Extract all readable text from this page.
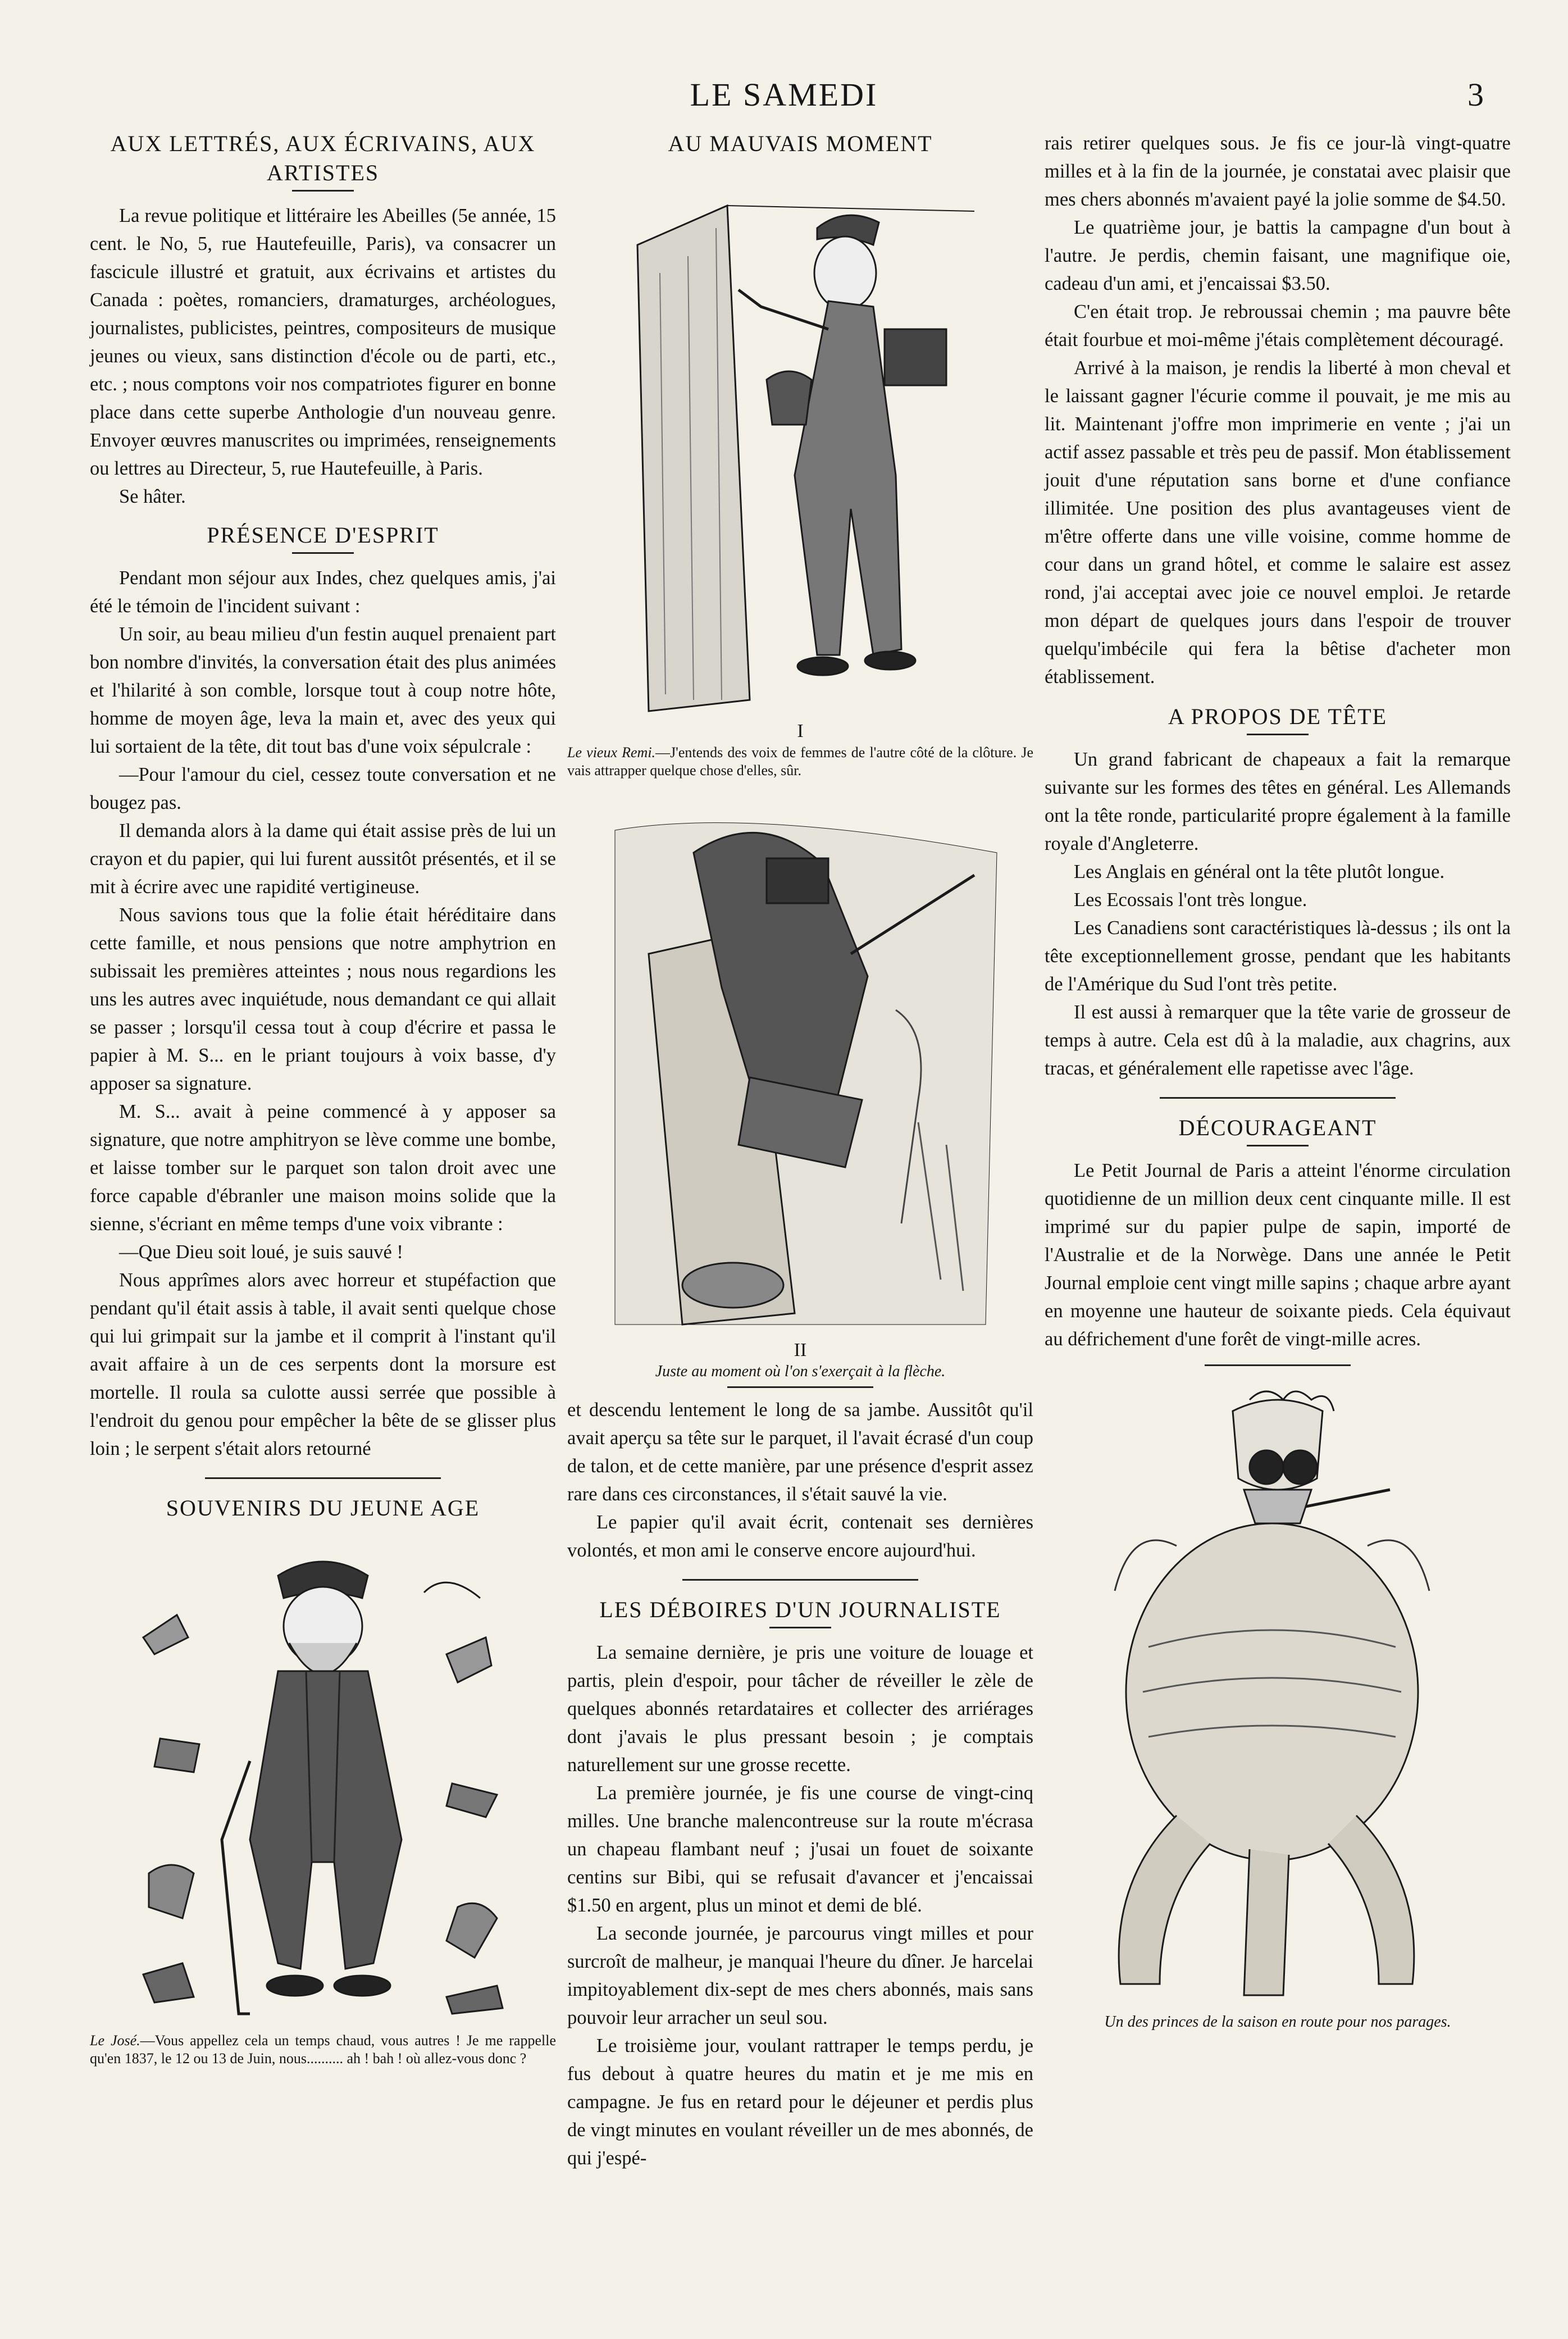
LE SAMEDI	3
AUX LETTRÉS, AUX ÉCRIVAINS, AUX ARTISTES

La revue politique et littéraire les Abeilles (5e année, 15 cent. le No, 5, rue Hautefeuille, Paris), va consacrer un fascicule illustré et gratuit, aux écrivains et artistes du Canada : poètes, romanciers, dramaturges, archéologues, journalistes, publicistes, peintres, compositeurs de musique jeunes ou vieux, sans distinction d'école ou de parti, etc., etc. ; nous comptons voir nos compatriotes figurer en bonne place dans cette superbe Anthologie d'un nouveau genre. Envoyer œuvres manuscrites ou imprimées, renseignements ou lettres au Directeur, 5, rue Hautefeuille, à Paris.

Se hâter.

PRÉSENCE D'ESPRIT

Pendant mon séjour aux Indes, chez quelques amis, j'ai été le témoin de l'incident suivant :

Un soir, au beau milieu d'un festin auquel prenaient part bon nombre d'invités, la conversation était des plus animées et l'hilarité à son comble, lorsque tout à coup notre hôte, homme de moyen âge, leva la main et, avec des yeux qui lui sortaient de la tête, dit tout bas d'une voix sépulcrale :

—Pour l'amour du ciel, cessez toute conversation et ne bougez pas.

Il demanda alors à la dame qui était assise près de lui un crayon et du papier, qui lui furent aussitôt présentés, et il se mit à écrire avec une rapidité vertigineuse.

Nous savions tous que la folie était héréditaire dans cette famille, et nous pensions que notre amphytrion en subissait les premières atteintes ; nous nous regardions les uns les autres avec inquiétude, nous demandant ce qui allait se passer ; lorsqu'il cessa tout à coup d'écrire et passa le papier à M. S... en le priant toujours à voix basse, d'y apposer sa signature.

M. S... avait à peine commencé à y apposer sa signature, que notre amphitryon se lève comme une bombe, et laisse tomber sur le parquet son talon droit avec une force capable d'ébranler une maison moins solide que la sienne, s'écriant en même temps d'une voix vibrante :

—Que Dieu soit loué, je suis sauvé !

Nous apprîmes alors avec horreur et stupéfaction que pendant qu'il était assis à table, il avait senti quelque chose qui lui grimpait sur la jambe et il comprit à l'instant qu'il avait affaire à un de ces serpents dont la morsure est mortelle. Il roula sa culotte aussi serrée que possible à l'endroit du genou pour empêcher la bête de se glisser plus loin ; le serpent s'était alors retourné

SOUVENIRS DU JEUNE AGE
Le José.—Vous appellez cela un temps chaud, vous autres ! Je me rappelle qu'en 1837, le 12 ou 13 de Juin, nous.......... ah ! bah ! où allez-vous donc ?
AU MAUVAIS MOMENT
I
Le vieux Remi.—J'entends des voix de femmes de l'autre côté de la clôture. Je vais attrapper quelque chose d'elles, sûr.
II
Juste au moment où l'on s'exerçait à la flèche.

et descendu lentement le long de sa jambe. Aussitôt qu'il avait aperçu sa tête sur le parquet, il l'avait écrasé d'un coup de talon, et de cette manière, par une présence d'esprit assez rare dans ces circonstances, il s'était sauvé la vie.

Le papier qu'il avait écrit, contenait ses dernières volontés, et mon ami le conserve encore aujourd'hui.

LES DÉBOIRES D'UN JOURNALISTE

La semaine dernière, je pris une voiture de louage et partis, plein d'espoir, pour tâcher de réveiller le zèle de quelques abonnés retardataires et collecter des arriérages dont j'avais le plus pressant besoin ; je comptais naturellement sur une grosse recette.

La première journée, je fis une course de vingt-cinq milles. Une branche malencontreuse sur la route m'écrasa un chapeau flambant neuf ; j'usai un fouet de soixante centins sur Bibi, qui se refusait d'avancer et j'encaissai $1.50 en argent, plus un minot et demi de blé.

La seconde journée, je parcourus vingt milles et pour surcroît de malheur, je manquai l'heure du dîner. Je harcelai impitoyablement dix-sept de mes chers abonnés, mais sans pouvoir leur arracher un seul sou.

Le troisième jour, voulant rattraper le temps perdu, je fus debout à quatre heures du matin et je me mis en campagne. Je fus en retard pour le déjeuner et perdis plus de vingt minutes en voulant réveiller un de mes abonnés, de qui j'espé-

rais retirer quelques sous. Je fis ce jour-là vingt-quatre milles et à la fin de la journée, je constatai avec plaisir que mes chers abonnés m'avaient payé la jolie somme de $4.50.

Le quatrième jour, je battis la campagne d'un bout à l'autre. Je perdis, chemin faisant, une magnifique oie, cadeau d'un ami, et j'encaissai $3.50.

C'en était trop. Je rebroussai chemin ; ma pauvre bête était fourbue et moi-même j'étais complètement découragé.

Arrivé à la maison, je rendis la liberté à mon cheval et le laissant gagner l'écurie comme il pouvait, je me mis au lit. Maintenant j'offre mon imprimerie en vente ; j'ai un actif assez passable et très peu de passif. Mon établissement jouit d'une réputation sans borne et d'une confiance illimitée. Une position des plus avantageuses vient de m'être offerte dans une ville voisine, comme homme de cour dans un grand hôtel, et comme le salaire est assez rond, j'ai acceptai avec joie ce nouvel emploi. Je retarde mon départ de quelques jours dans l'espoir de trouver quelqu'imbécile qui fera la bêtise d'acheter mon établissement.

A PROPOS DE TÊTE

Un grand fabricant de chapeaux a fait la remarque suivante sur les formes des têtes en général. Les Allemands ont la tête ronde, particularité propre également à la famille royale d'Angleterre.

Les Anglais en général ont la tête plutôt longue.

Les Ecossais l'ont très longue.

Les Canadiens sont caractéristiques là-dessus ; ils ont la tête exceptionnellement grosse, pendant que les habitants de l'Amérique du Sud l'ont très petite.

Il est aussi à remarquer que la tête varie de grosseur de temps à autre. Cela est dû à la maladie, aux chagrins, aux tracas, et généralement elle rapetisse avec l'âge.

DÉCOURAGEANT

Le Petit Journal de Paris a atteint l'énorme circulation quotidienne de un million deux cent cinquante mille. Il est imprimé sur du papier pulpe de sapin, importé de l'Australie et de la Norwège. Dans une année le Petit Journal emploie cent vingt mille sapins ; chaque arbre ayant en moyenne une hauteur de soixante pieds. Cela équivaut au défrichement d'une forêt de vingt-mille acres.

Un des princes de la saison en route pour nos parages.
